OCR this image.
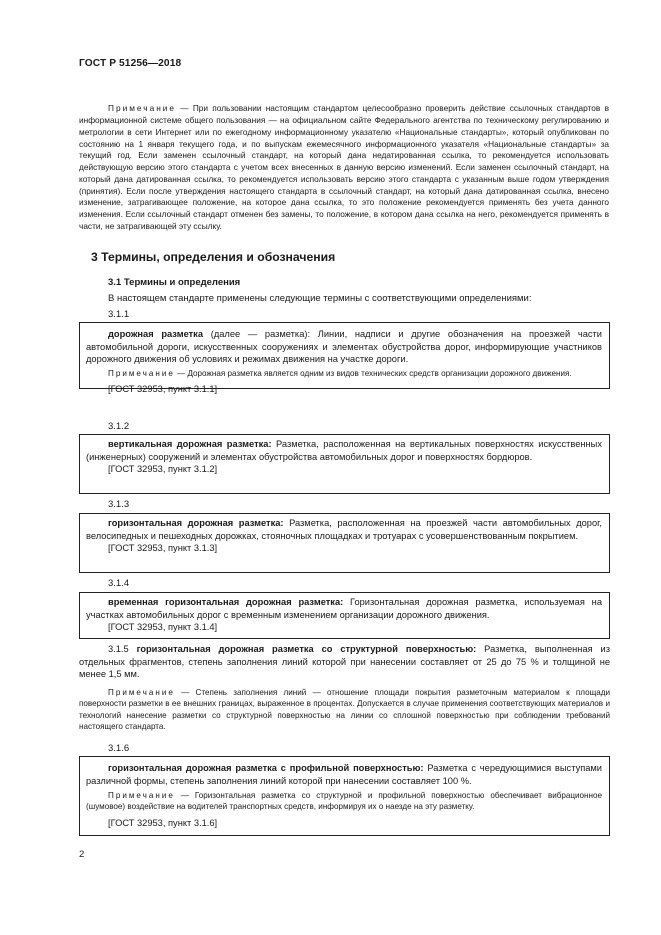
ГОСТ Р 51256—2018

Примечание — При пользовании настоящим стандартом целесообразно проверить действие ссылочных стандартов в информационной системе общего пользования — на официальном сайте Федерального агентства по техническому регулированию и метрологии в сети Интернет или по ежегодному информационному указателю «Национальные стандарты», который опубликован по состоянию на 1 января текущего года, и по выпускам ежемесячного информационного указателя «Национальные стандарты» за текущий год. Если заменен ссылочный стандарт, на который дана недатированная ссылка, то рекомендуется использовать действующую версию этого стандарта с учетом всех внесенных в данную версию изменений. Если заменен ссылочный стандарт, на который дана датированная ссылка, то рекомендуется использовать версию этого стандарта с указанным выше годом утверждения (принятия). Если после утверждения настоящего стандарта в ссылочный стандарт, на который дана датированная ссылка, внесено изменение, затрагивающее положение, на которое дана ссылка, то это положение рекомендуется применять без учета данного изменения. Если ссылочный стандарт отменен без замены, то положение, в котором дана ссылка на него, рекомендуется применять в части, не затрагивающей эту ссылку.

3 Термины, определения и обозначения
3.1 Термины и определения
В настоящем стандарте применены следующие термины с соответствующими определениями:
3.1.1

дорожная разметка (далее — разметка): Линии, надписи и другие обозначения на проезжей части автомобильной дороги, искусственных сооружениях и элементах обустройства дорог, информирующие участников дорожного движения об условиях и режимах движения на участке дороги.

Примечание — Дорожная разметка является одним из видов технических средств организации дорожного движения.

[ГОСТ 32953, пункт 3.1.1]

3.1.2

вертикальная дорожная разметка: Разметка, расположенная на вертикальных поверхностях искусственных (инженерных) сооружений и элементах обустройства автомобильных дорог и поверхностях бордюров.

[ГОСТ 32953, пункт 3.1.2]

3.1.3

горизонтальная дорожная разметка: Разметка, расположенная на проезжей части автомобильных дорог, велосипедных и пешеходных дорожках, стояночных площадках и тротуарах с усовершенствованным покрытием.

[ГОСТ 32953, пункт 3.1.3]

3.1.4

временная горизонтальная дорожная разметка: Горизонтальная дорожная разметка, используемая на участках автомобильных дорог с временным изменением организации дорожного движения.

[ГОСТ 32953, пункт 3.1.4]

3.1.5 горизонтальная дорожная разметка со структурной поверхностью: Разметка, выполненная из отдельных фрагментов, степень заполнения линий которой при нанесении составляет от 25 до 75 % и толщиной не менее 1,5 мм.

Примечание — Степень заполнения линий — отношение площади покрытия разметочным материалом к площади поверхности разметки в ее внешних границах, выраженное в процентах. Допускается в случае применения соответствующих материалов и технологий нанесение разметки со структурной поверхностью на линии со сплошной поверхностью при соблюдении требований настоящего стандарта.

3.1.6

горизонтальная дорожная разметка с профильной поверхностью: Разметка с чередующимися выступами различной формы, степень заполнения линий которой при нанесении составляет 100 %.

Примечание — Горизонтальная разметка со структурной и профильной поверхностью обеспечивает вибрационное (шумовое) воздействие на водителей транспортных средств, информируя их о наезде на эту разметку.

[ГОСТ 32953, пункт 3.1.6]

2
